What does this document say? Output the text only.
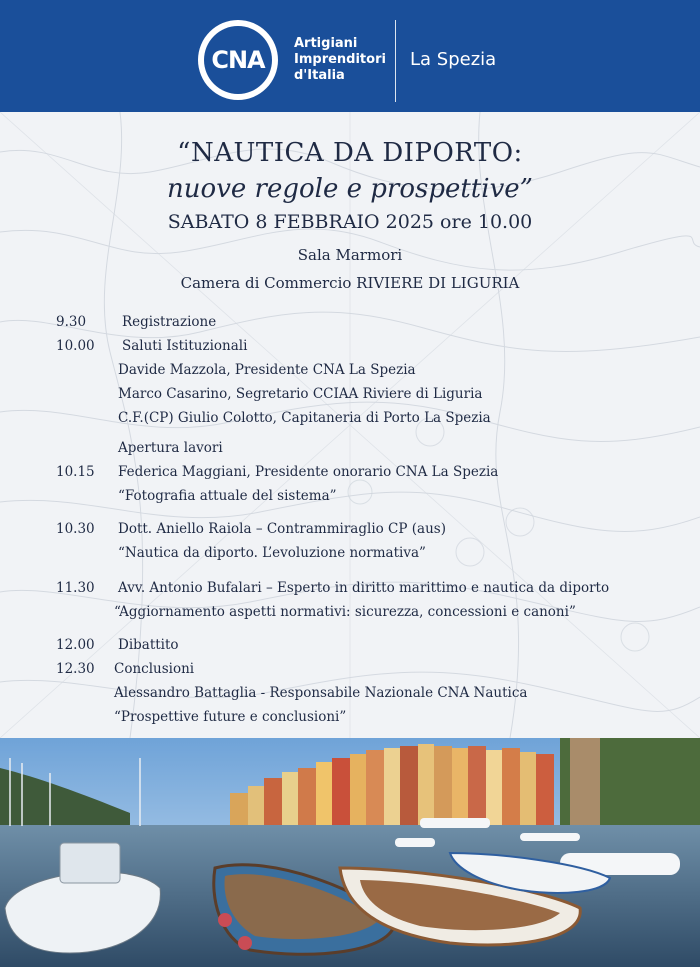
CNA
Artigiani
Imprenditori
d'Italia
La Spezia
“NAUTICA DA DIPORTO:
nuove regole e prospettive”
SABATO 8 FEBBRAIO 2025 ore 10.00
Sala Marmori
Camera di Commercio RIVIERE DI LIGURIA
9.30	Registrazione
10.00 Saluti Istituzionali
Davide Mazzola, Presidente CNA La Spezia
Marco Casarino, Segretario CCIAA Riviere di Liguria
C.F.(CP) Giulio Colotto, Capitaneria di Porto La Spezia
Apertura lavori
10.15 Federica Maggiani, Presidente onorario CNA La Spezia
“Fotografia attuale del sistema”
10.30 Dott. Aniello Raiola – Contrammiraglio CP (aus)
“Nautica da diporto. L’evoluzione normativa”
11.30 Avv. Antonio Bufalari – Esperto in diritto marittimo e nautica da diporto
“Aggiornamento aspetti normativi: sicurezza, concessioni e canoni”
12.00 Dibattito
12.30 Conclusioni
Alessandro Battaglia - Responsabile Nazionale CNA Nautica
“Prospettive future e conclusioni”
